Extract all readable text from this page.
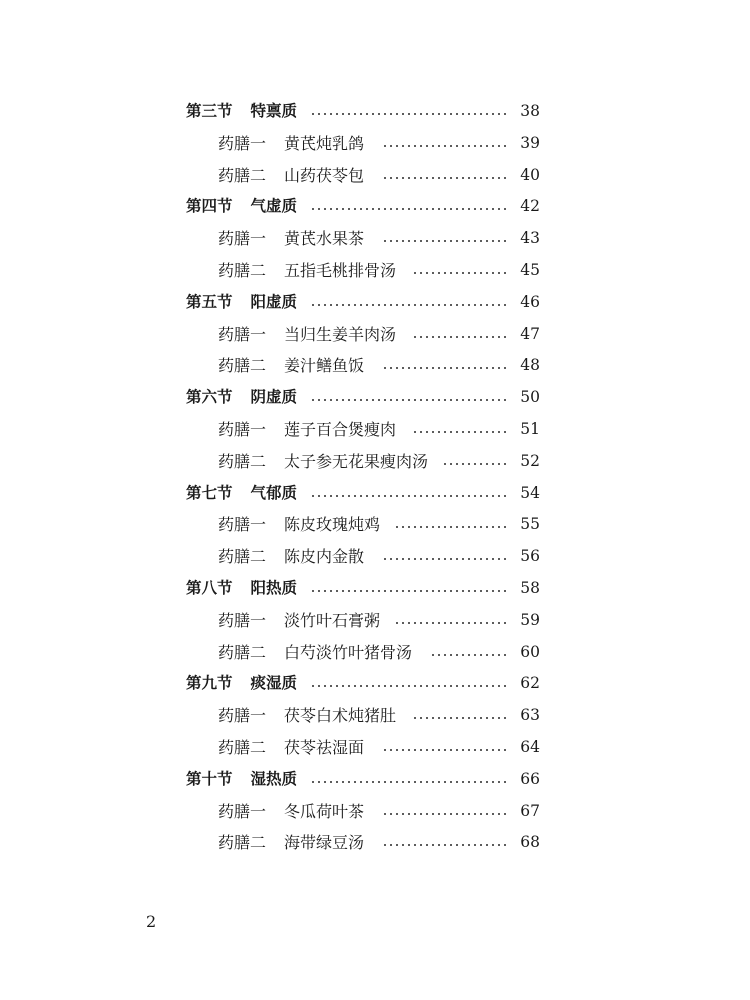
第三节 特禀质	38
药膳一 黄芪炖乳鸽	39
药膳二 山药茯苓包	40
第四节 气虚质	42
药膳一 黄芪水果茶	43
药膳二 五指毛桃排骨汤	45
第五节 阳虚质	46
药膳一 当归生姜羊肉汤	47
药膳二 姜汁鳝鱼饭	48
第六节 阴虚质	50
药膳一 莲子百合煲瘦肉	51
药膳二 太子参无花果瘦肉汤	52
第七节 气郁质	54
药膳一 陈皮玫瑰炖鸡	55
药膳二 陈皮内金散	56
第八节 阳热质	58
药膳一 淡竹叶石膏粥	59
药膳二 白芍淡竹叶猪骨汤	60
第九节 痰湿质	62
药膳一 茯苓白术炖猪肚	63
药膳二 茯苓祛湿面	64
第十节 湿热质	66
药膳一 冬瓜荷叶茶	67
药膳二 海带绿豆汤	68
2
